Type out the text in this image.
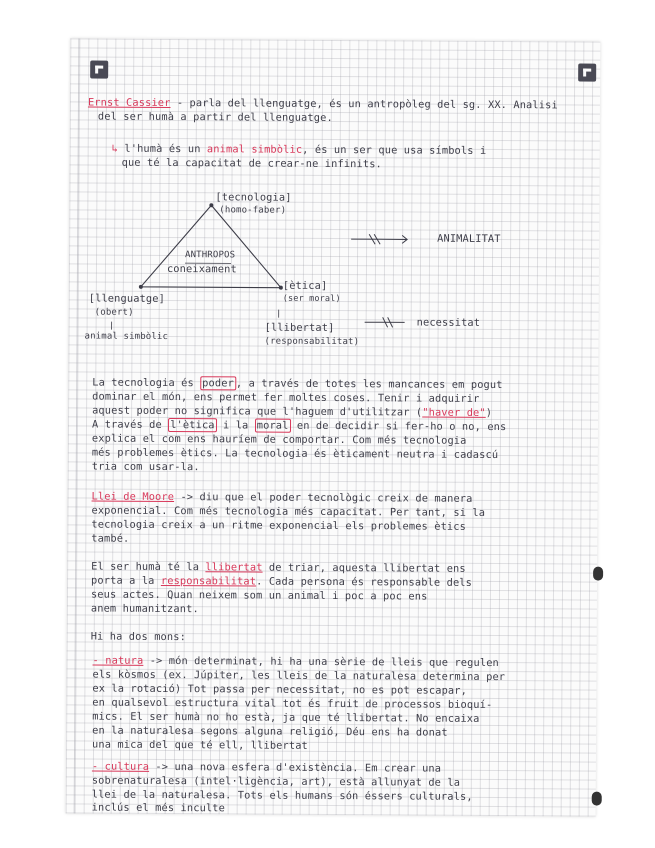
Ernst Cassier - parla del llenguatge, és un antropòleg del sg. XX. Analisi
del ser humà a partir del llenguatge.
↳ l'humà és un animal simbòlic, és un ser que usa símbols i
que té la capacitat de crear-ne infinits.
[tecnologia]
(homo-faber)
ANTHROPOS
coneixament
[llenguatge]
(obert)
animal simbòlic
[ètica]
(ser moral)
[llibertat]
(responsabilitat)
ANIMALITAT
necessitat
La tecnologia és poder , a través de totes les mancances em pogut
dominar el món, ens permet fer moltes coses. Tenir i adquirir
aquest poder no significa que l'haguem d'utilitzar ("haver de")
A través de l'ètica i la moral en de decidir si fer-ho o no, ens
explica el com ens hauríem de comportar. Com més tecnologia
més problemes ètics. La tecnologia és èticament neutra i cadascú
tria com usar-la.
Llei de Moore -> diu que el poder tecnològic creix de manera
exponencial. Com més tecnologia més capacitat. Per tant, si la
tecnologia creix a un ritme exponencial els problemes ètics
també.
El ser humà té la llibertat de triar, aquesta llibertat ens
porta a la responsabilitat. Cada persona és responsable dels
seus actes. Quan neixem som un animal i poc a poc ens
anem humanitzant.
Hi ha dos mons:
- natura -> món determinat, hi ha una sèrie de lleis que regulen
els kòsmos (ex. Júpiter, les lleis de la naturalesa determina per
ex la rotació) Tot passa per necessitat, no es pot escapar,
en qualsevol estructura vital tot és fruit de processos bioquí-
mics. El ser humà no ho està, ja que té llibertat. No encaixa
en la naturalesa segons alguna religió, Déu ens ha donat
una mica del que té ell, llibertat
- cultura -> una nova esfera d'existència. Em crear una
sobrenaturalesa (intel·ligència, art), està allunyat de la
llei de la naturalesa. Tots els humans són éssers culturals,
inclús el més inculte
